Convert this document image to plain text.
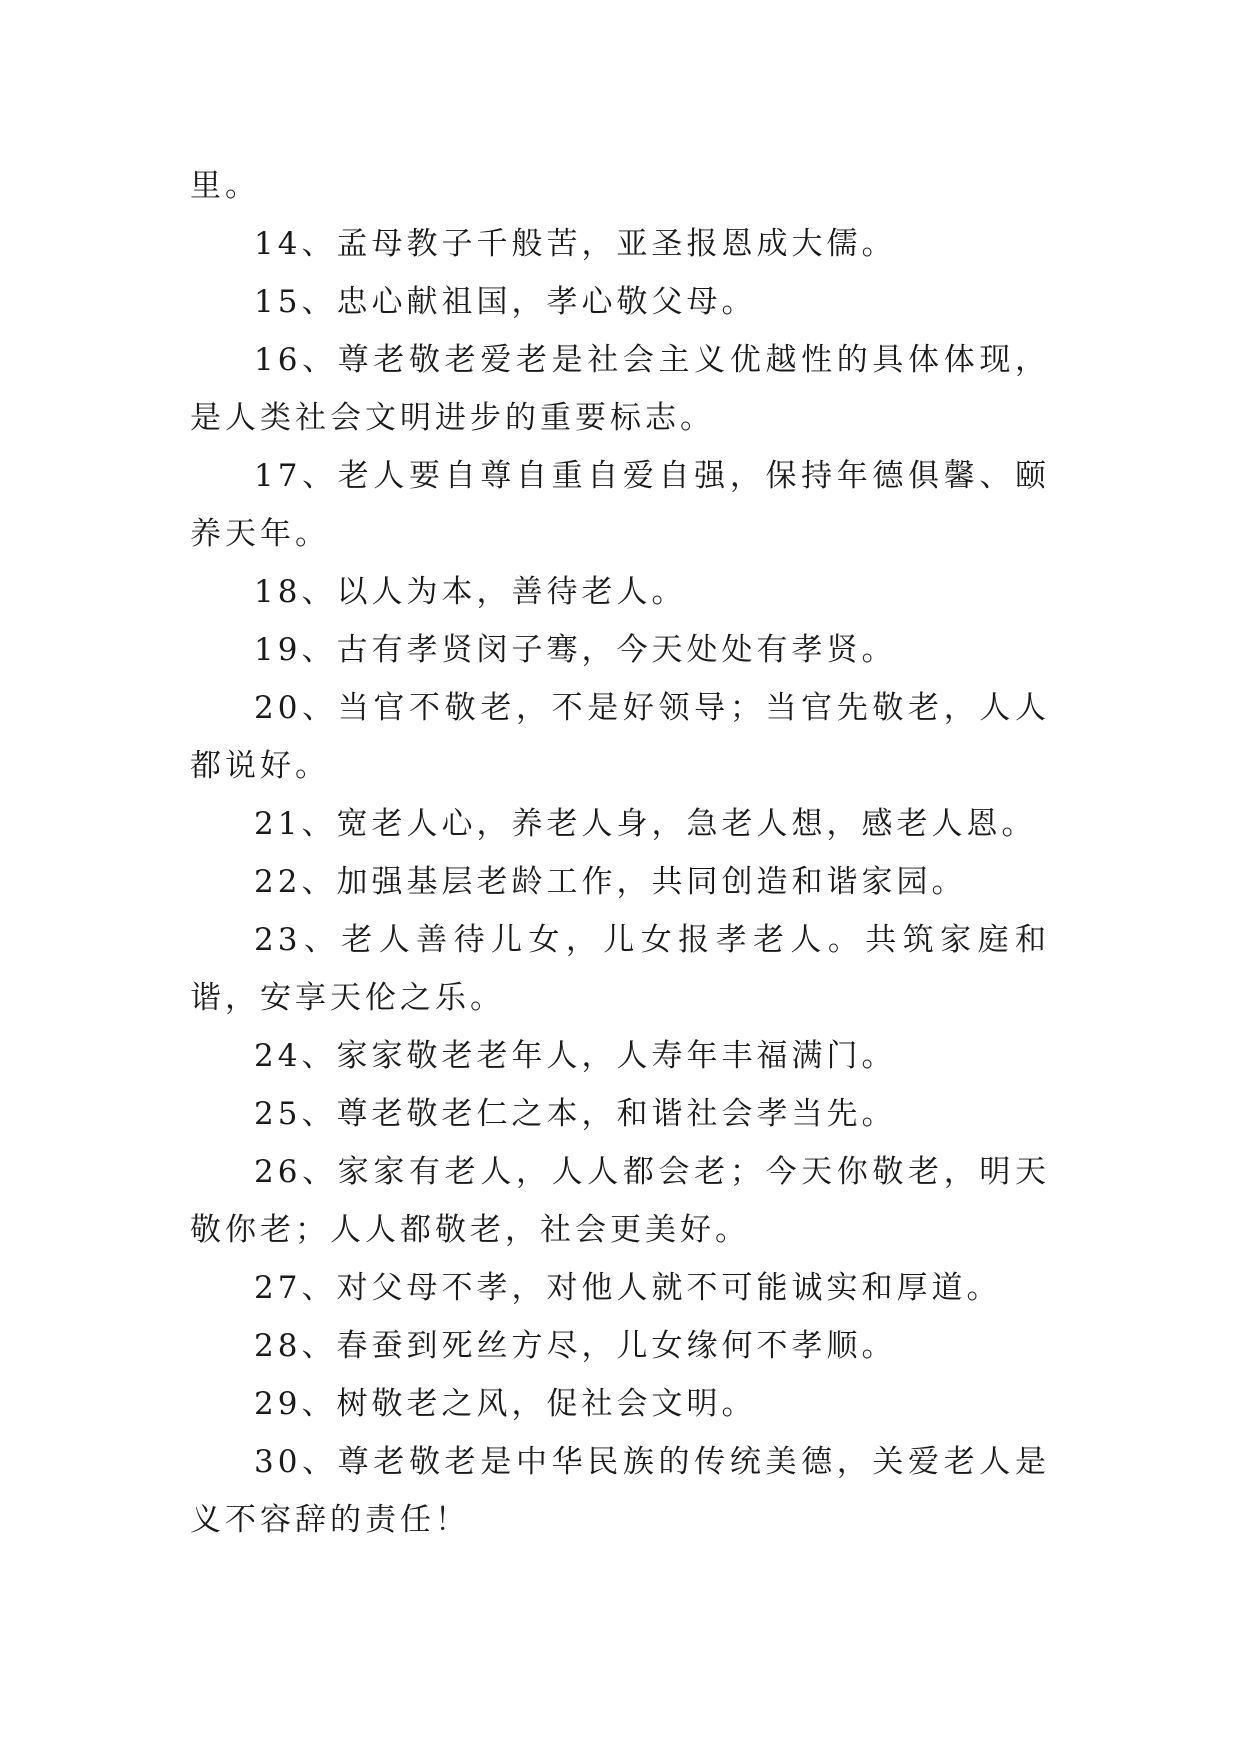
里。

14、孟母教子千般苦，亚圣报恩成大儒。

15、忠心献祖国，孝心敬父母。

16、尊老敬老爱老是社会主义优越性的具体体现，是人类社会文明进步的重要标志。

17、老人要自尊自重自爱自强，保持年德俱馨、颐养天年。

18、以人为本，善待老人。

19、古有孝贤闵子骞，今天处处有孝贤。

20、当官不敬老，不是好领导；当官先敬老，人人都说好。

21、宽老人心，养老人身，急老人想，感老人恩。

22、加强基层老龄工作，共同创造和谐家园。

23、老人善待儿女，儿女报孝老人。共筑家庭和谐，安享天伦之乐。

24、家家敬老老年人，人寿年丰福满门。

25、尊老敬老仁之本，和谐社会孝当先。

26、家家有老人，人人都会老；今天你敬老，明天敬你老；人人都敬老，社会更美好。

27、对父母不孝，对他人就不可能诚实和厚道。

28、春蚕到死丝方尽，儿女缘何不孝顺。

29、树敬老之风，促社会文明。

30、尊老敬老是中华民族的传统美德，关爱老人是义不容辞的责任！
